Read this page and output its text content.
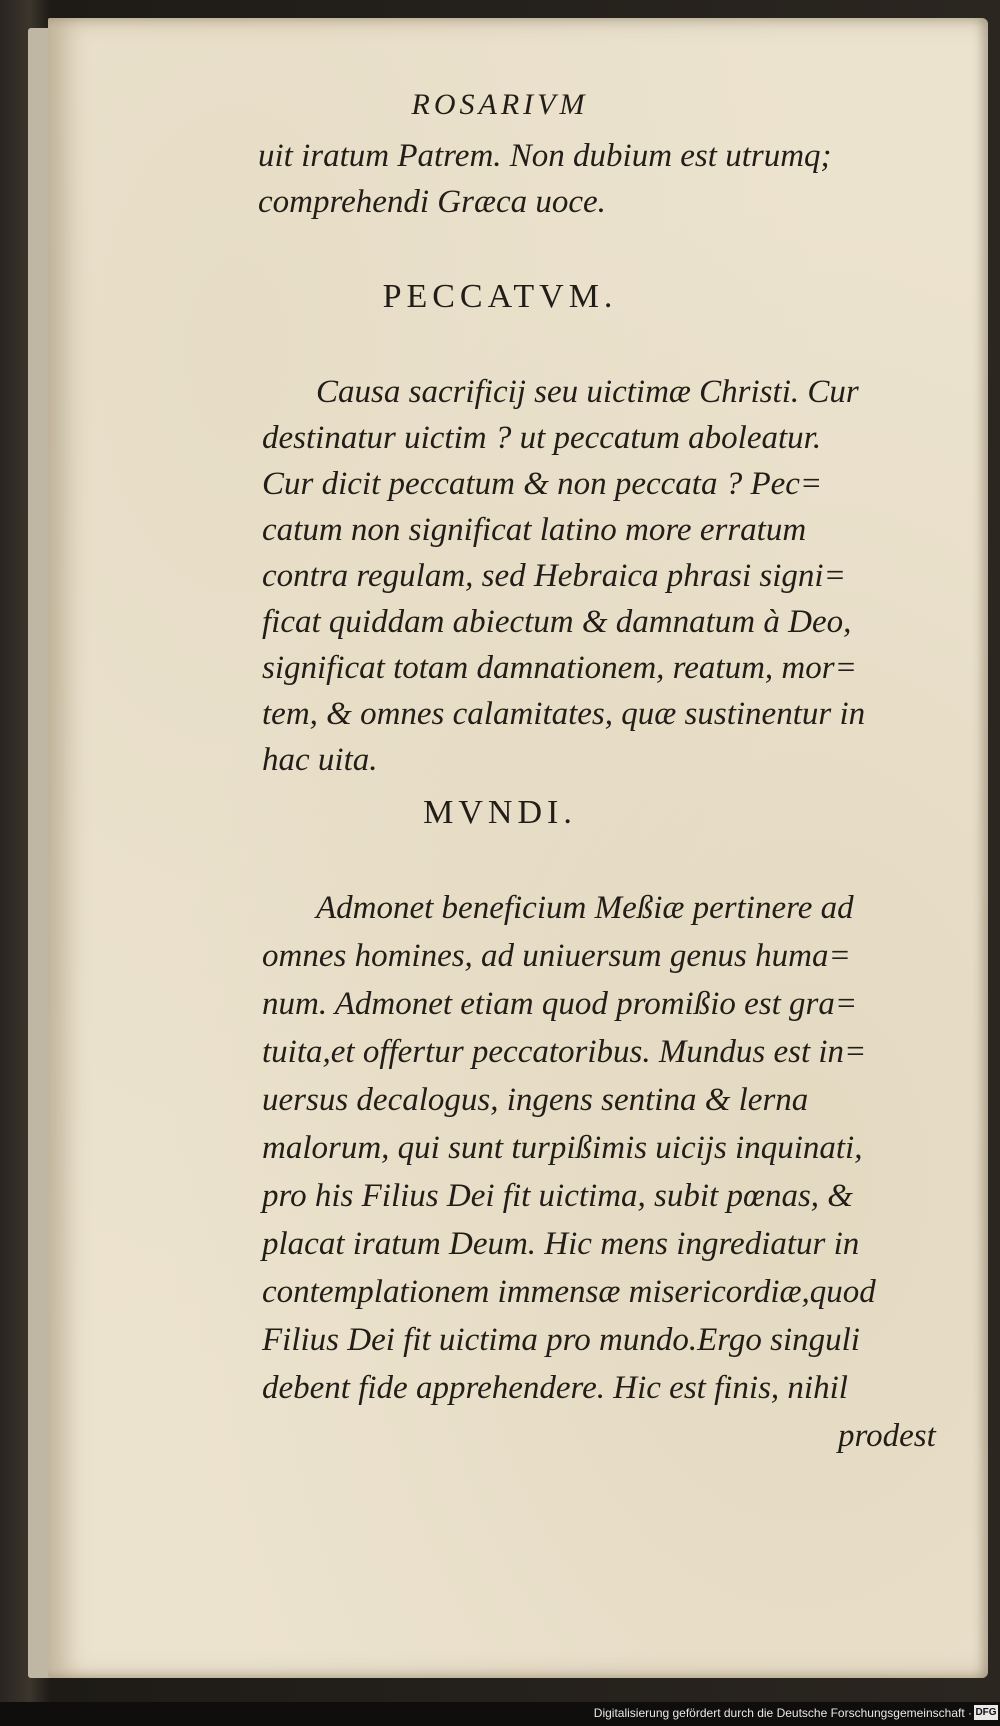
ROSARIVM
uit iratum Patrem. Non dubium est utrumq;
comprehendi Græca uoce.
PECCATVM.
Causa sacrificij seu uictimæ Christi. Cur
destinatur uictim ? ut peccatum aboleatur.
Cur dicit peccatum & non peccata ? Pec=
catum non significat latino more erratum
contra regulam, sed Hebraica phrasi signi=
ficat quiddam abiectum & damnatum à Deo,
significat totam damnationem, reatum, mor=
tem, & omnes calamitates, quæ sustinentur in
hac uita.
MVNDI.
Admonet beneficium Meßiæ pertinere ad
omnes homines, ad uniuersum genus huma=
num. Admonet etiam quod promißio est gra=
tuita,et offertur peccatoribus. Mundus est in=
uersus decalogus, ingens sentina & lerna
malorum, qui sunt turpißimis uicijs inquinati,
pro his Filius Dei fit uictima, subit pœnas, &
placat iratum Deum. Hic mens ingrediatur in
contemplationem immensæ misericordiæ,quod
Filius Dei fit uictima pro mundo.Ergo singuli
debent fide apprehendere. Hic est finis, nihil
prodest
Digitalisierung gefördert durch die Deutsche Forschungsgemeinschaft · DFG
